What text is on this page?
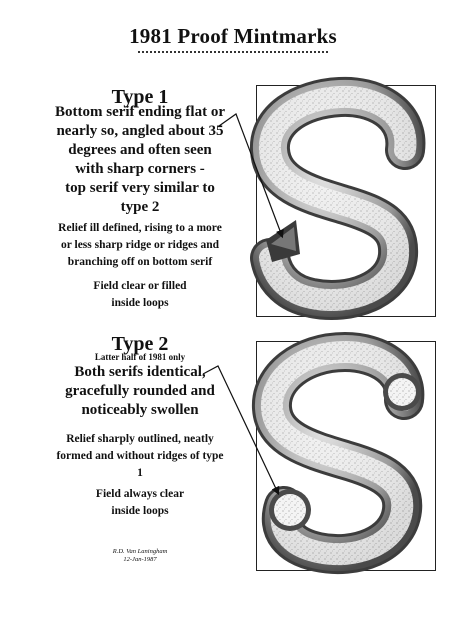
1981 Proof Mintmarks
Type 1
Bottom serif ending flat or
nearly so, angled about 35
degrees and often seen
with sharp corners -
top serif very similar to
type 2
Relief ill defined, rising to a more
or less sharp ridge or ridges and
branching off on bottom serif
Field clear or filled
inside loops
Type 2
Latter half of 1981 only
Both serifs identical,
gracefully rounded and
noticeably swollen
Relief sharply outlined, neatly
formed and without ridges of type
1
Field always clear
inside loops
R.D. Van Laningham
12-Jan-1987
